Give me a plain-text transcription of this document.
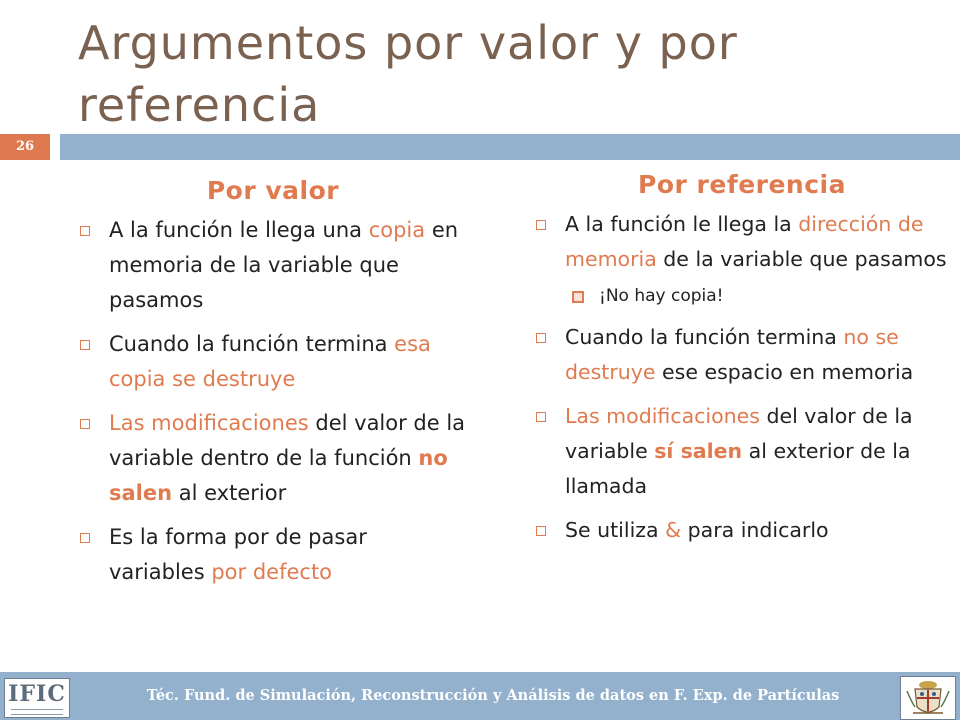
Argumentos por valor y por referencia
26
Por valor
A la función le llega una copia en memoria de la variable que pasamos
Cuando la función termina esa copia se destruye
Las modificaciones del valor de la variable dentro de la función no salen al exterior
Es la forma por de pasar variables por defecto
Por referencia
A la función le llega la dirección de memoria de la variable que pasamos
¡No hay copia!
Cuando la función termina no se destruye ese espacio en memoria
Las modificaciones del valor de la variable sí salen al exterior de la llamada
Se utiliza & para indicarlo
IFIC	Téc. Fund. de Simulación, Reconstrucción y Análisis de datos en F. Exp. de Partículas
